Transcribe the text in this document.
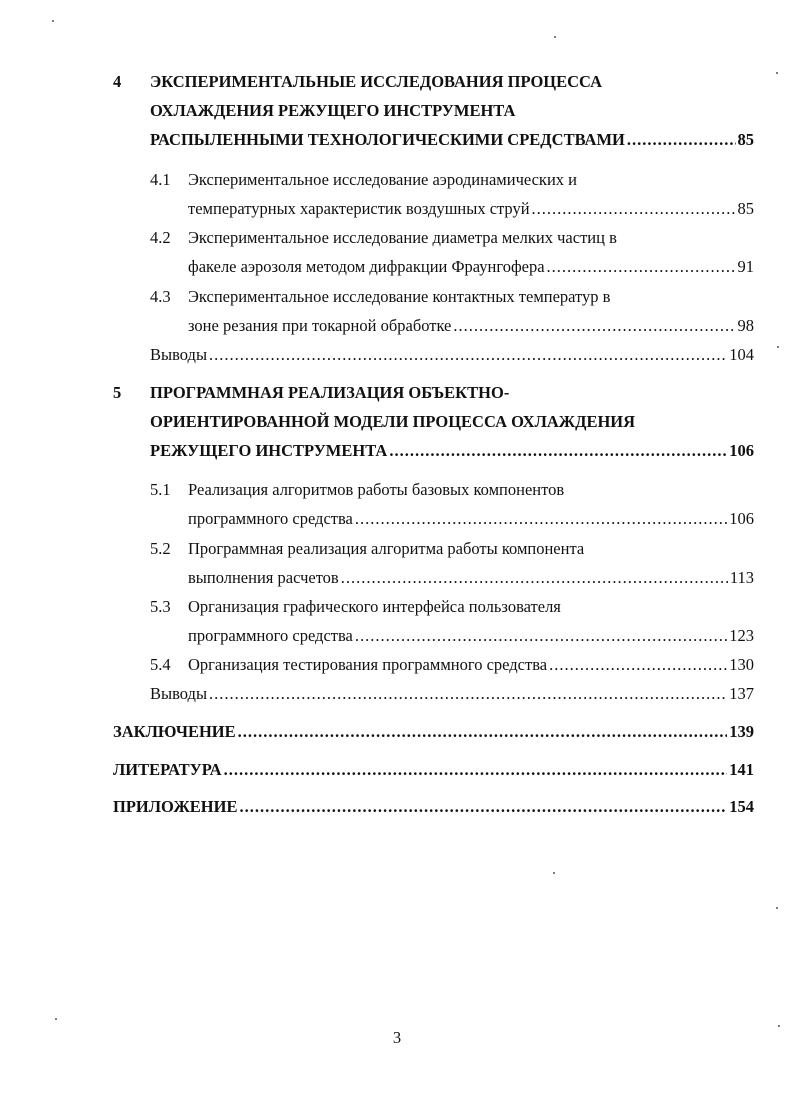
4 ЭКСПЕРИМЕНТАЛЬНЫЕ ИССЛЕДОВАНИЯ ПРОЦЕССА
ОХЛАЖДЕНИЯ РЕЖУЩЕГО ИНСТРУМЕНТА
РАСПЫЛЕННЫМИ ТЕХНОЛОГИЧЕСКИМИ СРЕДСТВАМИ .....	85
4.1 Экспериментальное исследование аэродинамических и
температурных характеристик воздушных струй .....	85
4.2 Экспериментальное исследование диаметра мелких частиц в
факеле аэрозоля методом дифракции Фраунгофера .....	91
4.3 Экспериментальное исследование контактных температур в
зоне резания при токарной обработке .....	98
Выводы .....	104
5 ПРОГРАММНАЯ РЕАЛИЗАЦИЯ ОБЪЕКТНО-
ОРИЕНТИРОВАННОЙ МОДЕЛИ ПРОЦЕССА ОХЛАЖДЕНИЯ
РЕЖУЩЕГО ИНСТРУМЕНТА .....	106
5.1 Реализация алгоритмов работы базовых компонентов
программного средства .....	106
5.2 Программная реализация алгоритма работы компонента
выполнения расчетов .....	113
5.3 Организация графического интерфейса пользователя
программного средства .....	123
5.4 Организация тестирования программного средства .....	130
Выводы .....	137
ЗАКЛЮЧЕНИЕ .....	139
ЛИТЕРАТУРА .....	141
ПРИЛОЖЕНИЕ .....	154
3
